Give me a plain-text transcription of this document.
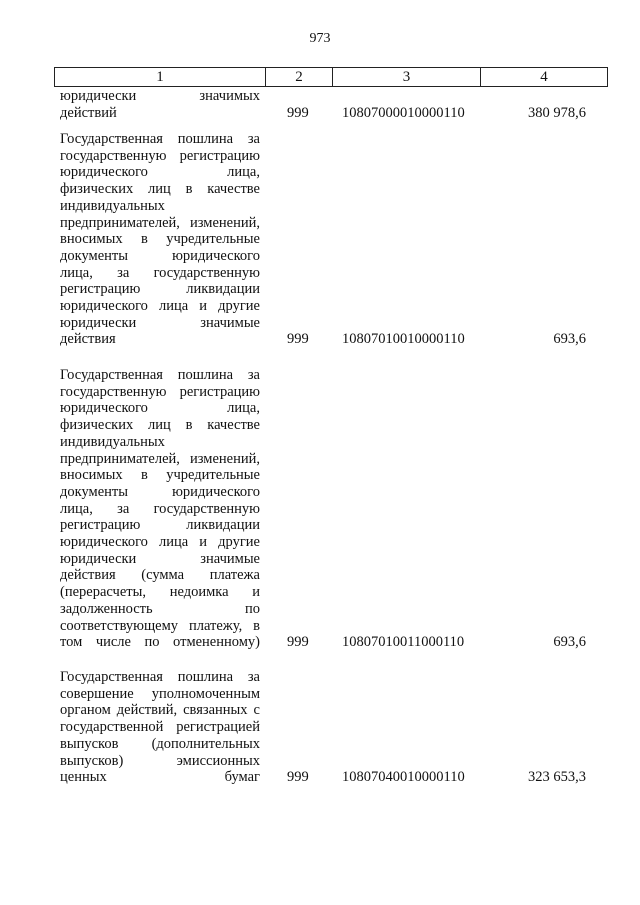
973
1	2	3	4
юридически значимых
действий	999	10807000010000110	380 978,6
Государственная пошлина за
государственную регистрацию
юридического лица,
физических лиц в качестве
индивидуальных
предпринимателей, изменений,
вносимых в учредительные
документы юридического
лица, за государственную
регистрацию ликвидации
юридического лица и другие
юридически значимые
действия	999	10807010010000110	693,6
Государственная пошлина за
государственную регистрацию
юридического лица,
физических лиц в качестве
индивидуальных
предпринимателей, изменений,
вносимых в учредительные
документы юридического
лица, за государственную
регистрацию ликвидации
юридического лица и другие
юридически значимые
действия (сумма платежа
(перерасчеты, недоимка и
задолженность по
соответствующему платежу, в
том числе по отмененному) 999	10807010011000110	693,6
Государственная пошлина за
совершение уполномоченным
органом действий, связанных с
государственной регистрацией
выпусков (дополнительных
выпусков) эмиссионных
ценных бумаг 999	10807040010000110	323 653,3
